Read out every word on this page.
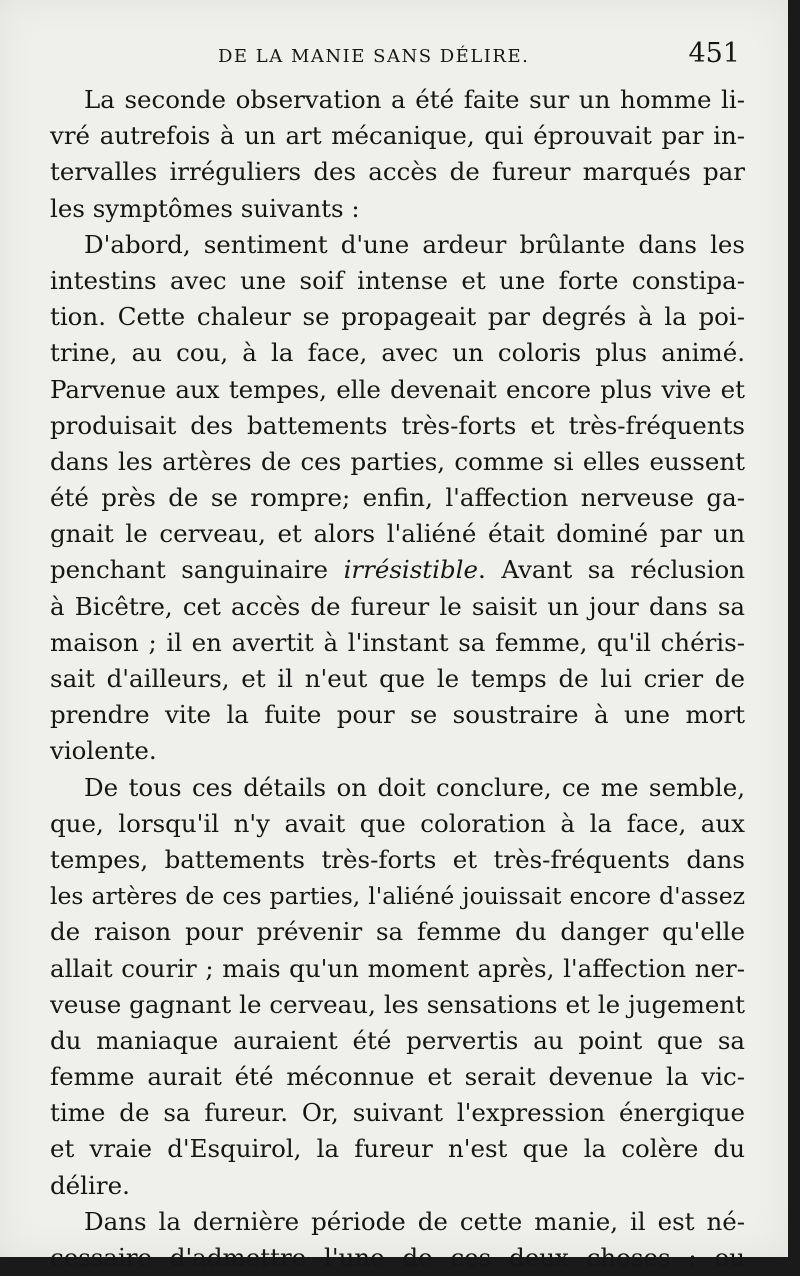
DE LA MANIE SANS DÉLIRE.	451
La seconde observation a été faite sur un homme li-
vré autrefois à un art mécanique, qui éprouvait par in-
tervalles irréguliers des accès de fureur marqués par
les symptômes suivants :
D'abord, sentiment d'une ardeur brûlante dans les
intestins avec une soif intense et une forte constipa-
tion. Cette chaleur se propageait par degrés à la poi-
trine, au cou, à la face, avec un coloris plus animé.
Parvenue aux tempes, elle devenait encore plus vive et
produisait des battements très-forts et très-fréquents
dans les artères de ces parties, comme si elles eussent
été près de se rompre; enfin, l'affection nerveuse ga-
gnait le cerveau, et alors l'aliéné était dominé par un
penchant sanguinaire irrésistible. Avant sa réclusion
à Bicêtre, cet accès de fureur le saisit un jour dans sa
maison ; il en avertit à l'instant sa femme, qu'il chéris-
sait d'ailleurs, et il n'eut que le temps de lui crier de
prendre vite la fuite pour se soustraire à une mort
violente.
De tous ces détails on doit conclure, ce me semble,
que, lorsqu'il n'y avait que coloration à la face, aux
tempes, battements très-forts et très-fréquents dans
les artères de ces parties, l'aliéné jouissait encore d'assez
de raison pour prévenir sa femme du danger qu'elle
allait courir ; mais qu'un moment après, l'affection ner-
veuse gagnant le cerveau, les sensations et le jugement
du maniaque auraient été pervertis au point que sa
femme aurait été méconnue et serait devenue la vic-
time de sa fureur. Or, suivant l'expression énergique
et vraie d'Esquirol, la fureur n'est que la colère du
délire.
Dans la dernière période de cette manie, il est né-
cessaire d'admettre l'une de ces deux choses : ou
